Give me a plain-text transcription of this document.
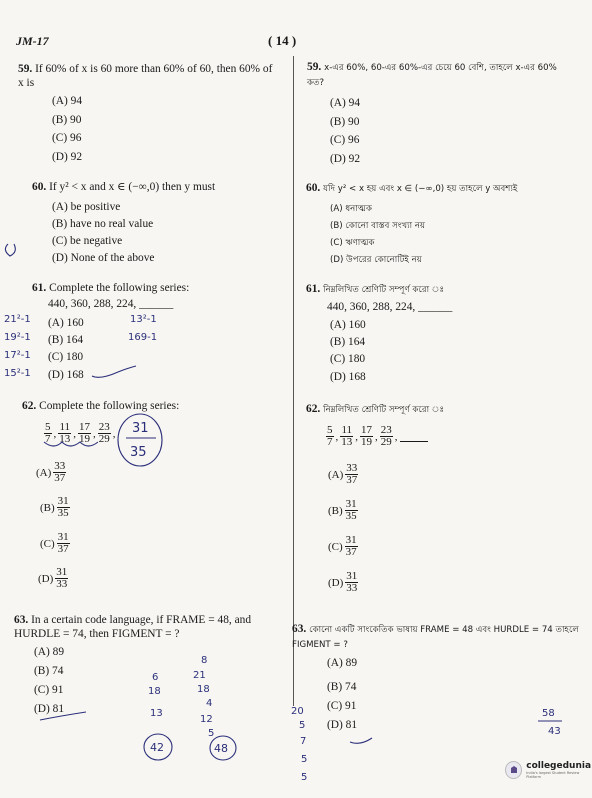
JM-17	( 14 )
59. If 60% of x is 60 more than 60% of 60, then 60% of x is
(A) 94
(B) 90
(C) 96
(D) 92
60. If y² < x and x ∈ (−∞,0) then y must
(A) be positive
(B) have no real value
(C) be negative
(D) None of the above
61. Complete the following series:
440, 360, 288, 224, ______
(A) 160
(B) 164
(C) 180
(D) 168
62. Complete the following series:
$\frac{5}{7}$ , $\frac{11}{13}$ , $\frac{17}{19}$ , $\frac{23}{29}$ ,
$(A) \frac{33}{37}$
$(B) \frac{31}{35}$
$(C) \frac{31}{37}$
$(D) \frac{31}{33}$
63. In a certain code language, if FRAME = 48, and HURDLE = 74, then FIGMENT = ?
(A) 89
(B) 74
(C) 91
(D) 81
59. x-এর 60%, 60-এর 60%-এর চেয়ে 60 বেশি, তাহলে x-এর 60% কত?
(A) 94
(B) 90
(C) 96
(D) 92
60. যদি y² < x হয় এবং x ∈ (−∞,0) হয় তাহলে y অবশ্যই
(A) ধনাত্মক
(B) কোনো বাস্তব সংখ্যা নয়
(C) ঋণাত্মক
(D) উপরের কোনোটিই নয়
61. নিম্নলিখিত শ্রেণিটি সম্পূর্ণ করো ঃ
440, 360, 288, 224, ______
(A) 160
(B) 164
(C) 180
(D) 168
62. নিম্নলিখিত শ্রেণিটি সম্পূর্ণ করো ঃ
$\frac{5}{7}$ , $\frac{11}{13}$ , $\frac{17}{19}$ , $\frac{23}{29}$ ,
$(A) \frac{33}{37}$
$(B) \frac{31}{35}$
$(C) \frac{31}{37}$
$(D) \frac{31}{33}$
63. কোনো একটি সাংকেতিক ভাষায় FRAME = 48 এবং HURDLE = 74 তাহলে FIGMENT = ?
(A) 89
(B) 74
(C) 91
(D) 81
21²-1
19²-1
17²-1
15²-1
13²-1
169-1
31
35
6	21
8
18	18
4
13
12
5
42	48
20
5
7
5
5
58
43
collegedunia
India's largest Student Review Platform
